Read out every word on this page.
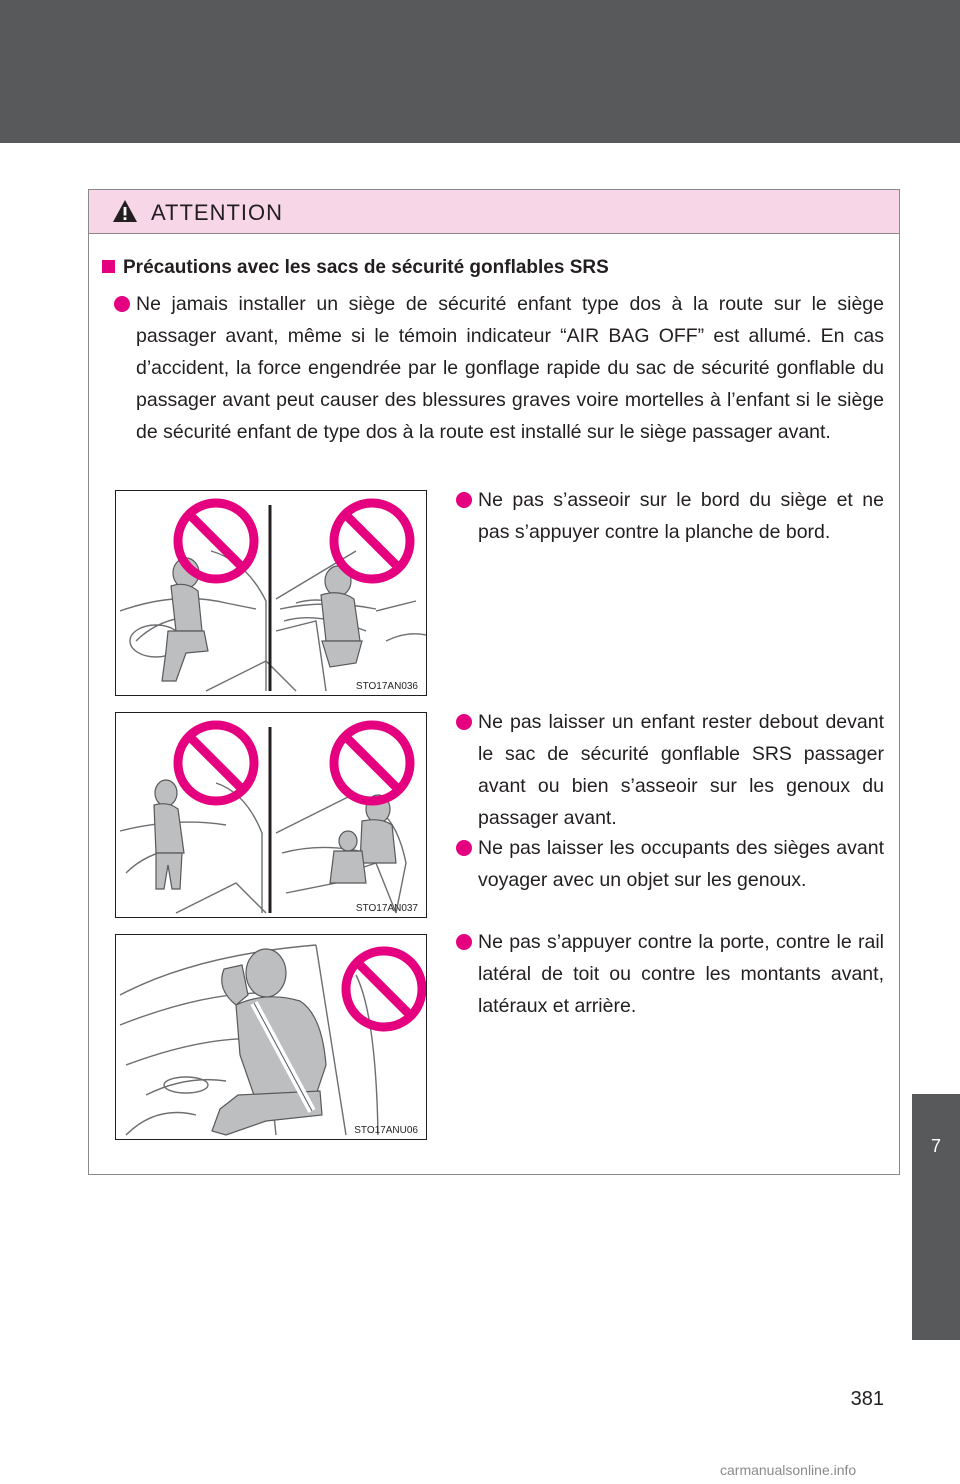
7
For owners
ATTENTION
Précautions avec les sacs de sécurité gonflables SRS
Ne jamais installer un siège de sécurité enfant type dos à la route sur le siège passager avant, même si le témoin indicateur “AIR BAG OFF” est allumé. En cas d’accident, la force engendrée par le gonflage rapide du sac de sécurité gonflable du passager avant peut causer des blessures graves voire mortelles à l’enfant si le siège de sécurité enfant de type dos à la route est installé sur le siège passager avant.
Ne pas s’asseoir sur le bord du siège et ne pas s’appuyer contre la planche de bord.
Ne pas laisser un enfant rester debout devant le sac de sécurité gonflable SRS passager avant ou bien s’asseoir sur les genoux du passager avant.
Ne pas laisser les occupants des sièges avant voyager avec un objet sur les genoux.
Ne pas s’appuyer contre la porte, contre le rail latéral de toit ou contre les montants avant, latéraux et arrière.
STO17AN036
STO17AN037
STO17ANU06
381
carmanualsonline.info
